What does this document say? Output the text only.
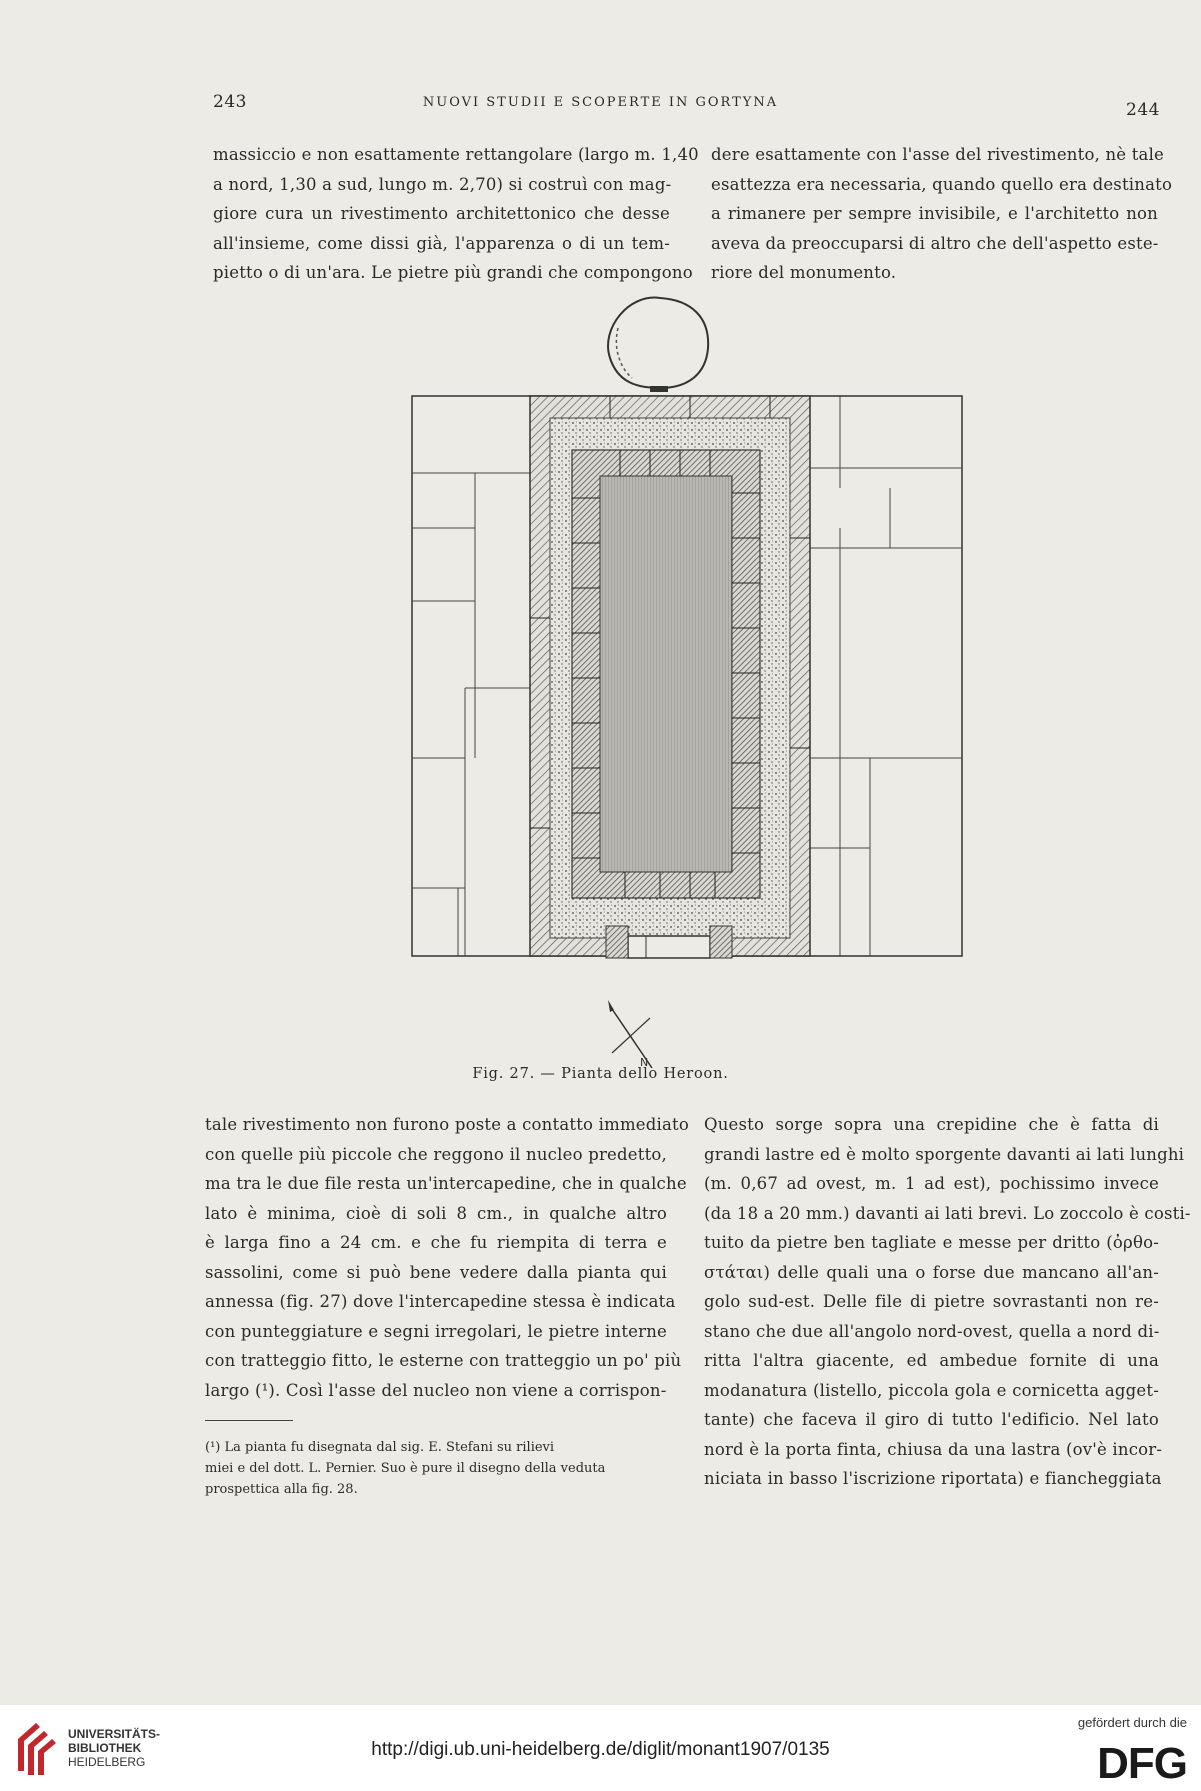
243	NUOVI STUDII E SCOPERTE IN GORTYNA	244
massiccio e non esattamente rettangolare (largo m. 1,40
a nord, 1,30 a sud, lungo m. 2,70) si costruì con mag-
giore cura un rivestimento architettonico che desse
all'insieme, come dissi già, l'apparenza o di un tem-
pietto o di un'ara. Le pietre più grandi che compongono
dere esattamente con l'asse del rivestimento, nè tale
esattezza era necessaria, quando quello era destinato
a rimanere per sempre invisibile, e l'architetto non
aveva da preoccuparsi di altro che dell'aspetto este-
riore del monumento.
N
Fig. 27. — Pianta dello Heroon.
tale rivestimento non furono poste a contatto immediato
con quelle più piccole che reggono il nucleo predetto,
ma tra le due file resta un'intercapedine, che in qualche
lato è minima, cioè di soli 8 cm., in qualche altro
è larga fino a 24 cm. e che fu riempita di terra e
sassolini, come si può bene vedere dalla pianta qui
annessa (fig. 27) dove l'intercapedine stessa è indicata
con punteggiature e segni irregolari, le pietre interne
con tratteggio fitto, le esterne con tratteggio un po' più
largo (¹). Così l'asse del nucleo non viene a corrispon-
(¹) La pianta fu disegnata dal sig. E. Stefani su rilievi
miei e del dott. L. Pernier. Suo è pure il disegno della veduta
prospettica alla fig. 28.
Questo sorge sopra una crepidine che è fatta di
grandi lastre ed è molto sporgente davanti ai lati lunghi
(m. 0,67 ad ovest, m. 1 ad est), pochissimo invece
(da 18 a 20 mm.) davanti ai lati brevi. Lo zoccolo è costi-
tuito da pietre ben tagliate e messe per dritto (ὀρθο-
στάται) delle quali una o forse due mancano all'an-
golo sud-est. Delle file di pietre sovrastanti non re-
stano che due all'angolo nord-ovest, quella a nord di-
ritta l'altra giacente, ed ambedue fornite di una
modanatura (listello, piccola gola e cornicetta agget-
tante) che faceva il giro di tutto l'edificio. Nel lato
nord è la porta finta, chiusa da una lastra (ov'è incor-
niciata in basso l'iscrizione riportata) e fiancheggiata
UNIVERSITÄTS-
BIBLIOTHEK
HEIDELBERG
http://digi.ub.uni-heidelberg.de/diglit/monant1907/0135
gefördert durch die
DFG
